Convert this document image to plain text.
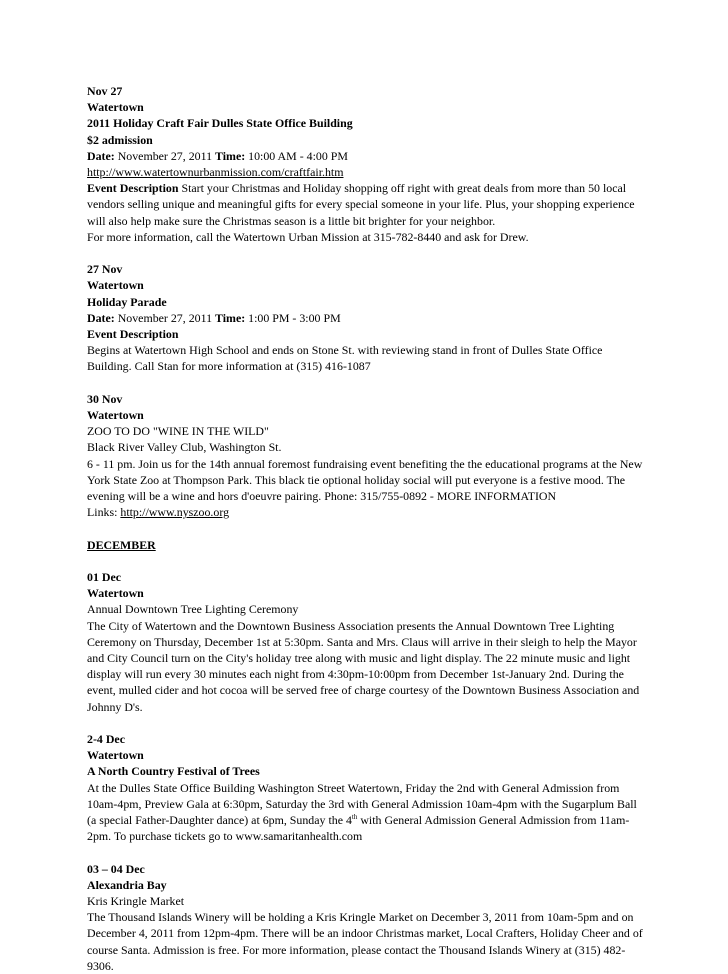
Nov 27
Watertown
2011 Holiday Craft Fair Dulles State Office Building
$2 admission
Date: November 27, 2011 Time: 10:00 AM - 4:00 PM
http://www.watertownurbanmission.com/craftfair.htm
Event Description Start your Christmas and Holiday shopping off right with great deals from more than 50 local
vendors selling unique and meaningful gifts for every special someone in your life. Plus, your shopping experience
will also help make sure the Christmas season is a little bit brighter for your neighbor.
For more information, call the Watertown Urban Mission at 315-782-8440 and ask for Drew.
27 Nov
Watertown
Holiday Parade
Date: November 27, 2011 Time: 1:00 PM - 3:00 PM
Event Description
Begins at Watertown High School and ends on Stone St. with reviewing stand in front of Dulles State Office
Building. Call Stan for more information at (315) 416-1087
30 Nov
Watertown
ZOO TO DO "WINE IN THE WILD"
Black River Valley Club, Washington St.
6 - 11 pm. Join us for the 14th annual foremost fundraising event benefiting the the educational programs at the New
York State Zoo at Thompson Park. This black tie optional holiday social will put everyone is a festive mood. The
evening will be a wine and hors d'oeuvre pairing. Phone: 315/755-0892 - MORE INFORMATION
Links: http://www.nyszoo.org
DECEMBER
01 Dec
Watertown
Annual Downtown Tree Lighting Ceremony
The City of Watertown and the Downtown Business Association presents the Annual Downtown Tree Lighting
Ceremony on Thursday, December 1st at 5:30pm. Santa and Mrs. Claus will arrive in their sleigh to help the Mayor
and City Council turn on the City's holiday tree along with music and light display. The 22 minute music and light
display will run every 30 minutes each night from 4:30pm-10:00pm from December 1st-January 2nd. During the
event, mulled cider and hot cocoa will be served free of charge courtesy of the Downtown Business Association and
Johnny D's.
2-4 Dec
Watertown
A North Country Festival of Trees
At the Dulles State Office Building Washington Street Watertown, Friday the 2nd with General Admission from
10am-4pm, Preview Gala at 6:30pm, Saturday the 3rd with General Admission 10am-4pm with the Sugarplum Ball
(a special Father-Daughter dance) at 6pm, Sunday the 4th with General Admission General Admission from 11am-
2pm. To purchase tickets go to www.samaritanhealth.com
03 – 04 Dec
Alexandria Bay
Kris Kringle Market
The Thousand Islands Winery will be holding a Kris Kringle Market on December 3, 2011 from 10am-5pm and on
December 4, 2011 from 12pm-4pm. There will be an indoor Christmas market, Local Crafters, Holiday Cheer and of
course Santa. Admission is free. For more information, please contact the Thousand Islands Winery at (315) 482-
9306.
